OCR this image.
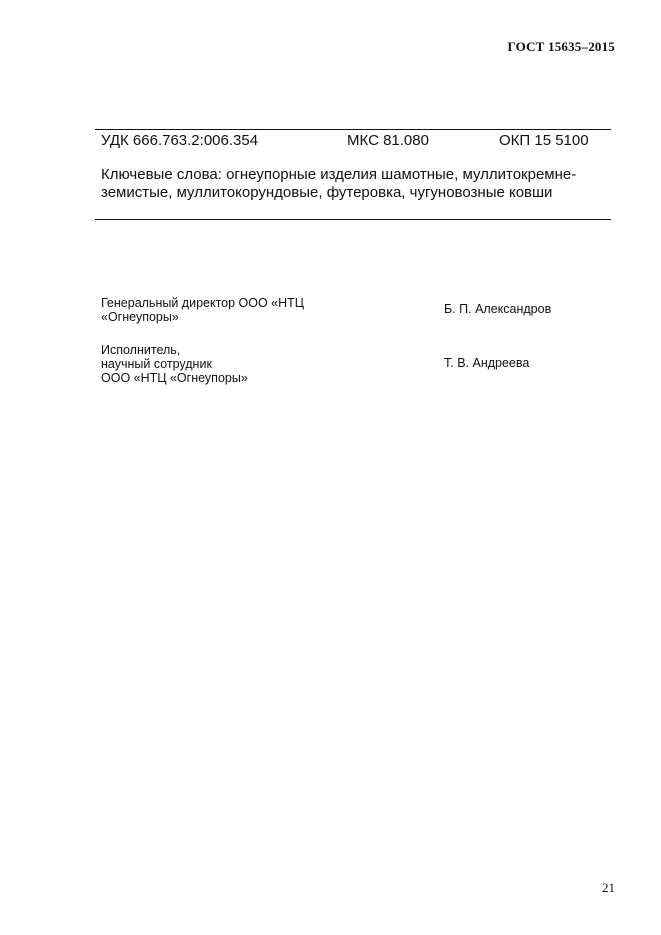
ГОСТ 15635–2015
УДК 666.763.2:006.354	МКС 81.080	ОКП 15 5100
Ключевые слова: огнеупорные изделия шамотные, муллитокремне-
земистые, муллитокорундовые, футеровка, чугуновозные ковши
Генеральный директор ООО «НТЦ
«Огнеупоры»
Б. П. Александров
Исполнитель,
научный сотрудник
ООО «НТЦ «Огнеупоры»
Т. В. Андреева
21
